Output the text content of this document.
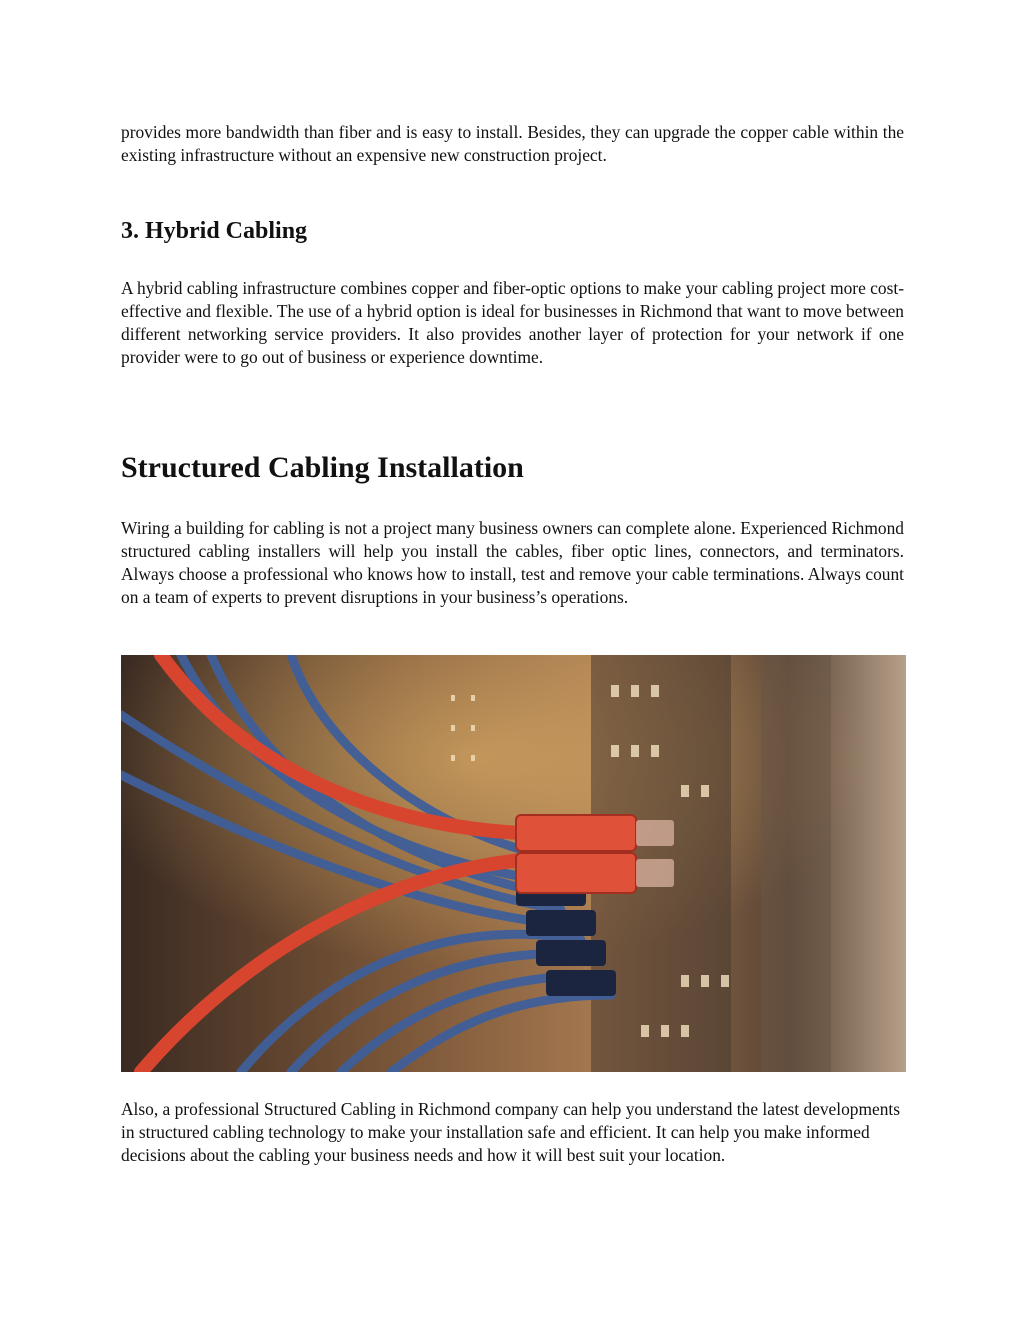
provides more bandwidth than fiber and is easy to install. Besides, they can upgrade the copper cable within the existing infrastructure without an expensive new construction project.

3. Hybrid Cabling

A hybrid cabling infrastructure combines copper and fiber-optic options to make your cabling project more cost-effective and flexible. The use of a hybrid option is ideal for businesses in Richmond that want to move between different networking service providers. It also provides another layer of protection for your network if one provider were to go out of business or experience downtime.

Structured Cabling Installation

Wiring a building for cabling is not a project many business owners can complete alone. Experienced Richmond structured cabling installers will help you install the cables, fiber optic lines, connectors, and terminators. Always choose a professional who knows how to install, test and remove your cable terminations. Always count on a team of experts to prevent disruptions in your business’s operations.

Also, a professional Structured Cabling in Richmond company can help you understand the latest developments in structured cabling technology to make your installation safe and efficient. It can help you make informed decisions about the cabling your business needs and how it will best suit your location.
